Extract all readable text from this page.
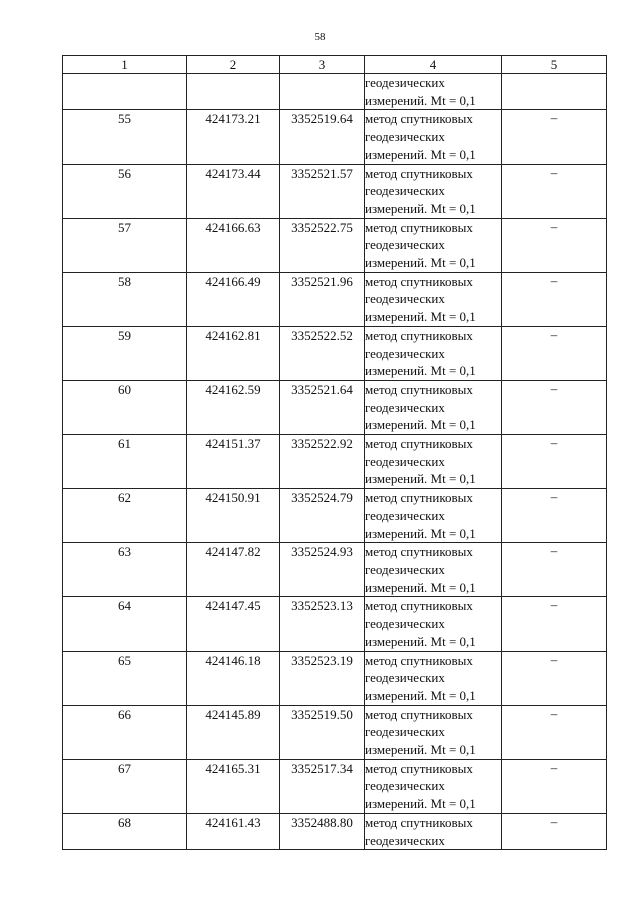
58
1	2	3	4	5

			геодезических
измерений. Mt = 0,1	

55	424173.21	3352519.64	метод спутниковых
геодезических
измерений. Mt = 0,1	–
56	424173.44	3352521.57	метод спутниковых
геодезических
измерений. Mt = 0,1	–
57	424166.63	3352522.75	метод спутниковых
геодезических
измерений. Mt = 0,1	–
58	424166.49	3352521.96	метод спутниковых
геодезических
измерений. Mt = 0,1	–
59	424162.81	3352522.52	метод спутниковых
геодезических
измерений. Mt = 0,1	–
60	424162.59	3352521.64	метод спутниковых
геодезических
измерений. Mt = 0,1	–
61	424151.37	3352522.92	метод спутниковых
геодезических
измерений. Mt = 0,1	–
62	424150.91	3352524.79	метод спутниковых
геодезических
измерений. Mt = 0,1	–
63	424147.82	3352524.93	метод спутниковых
геодезических
измерений. Mt = 0,1	–
64	424147.45	3352523.13	метод спутниковых
геодезических
измерений. Mt = 0,1	–
65	424146.18	3352523.19	метод спутниковых
геодезических
измерений. Mt = 0,1	–
66	424145.89	3352519.50	метод спутниковых
геодезических
измерений. Mt = 0,1	–
67	424165.31	3352517.34	метод спутниковых
геодезических
измерений. Mt = 0,1	–
68	424161.43	3352488.80	метод спутниковых
геодезических	–
